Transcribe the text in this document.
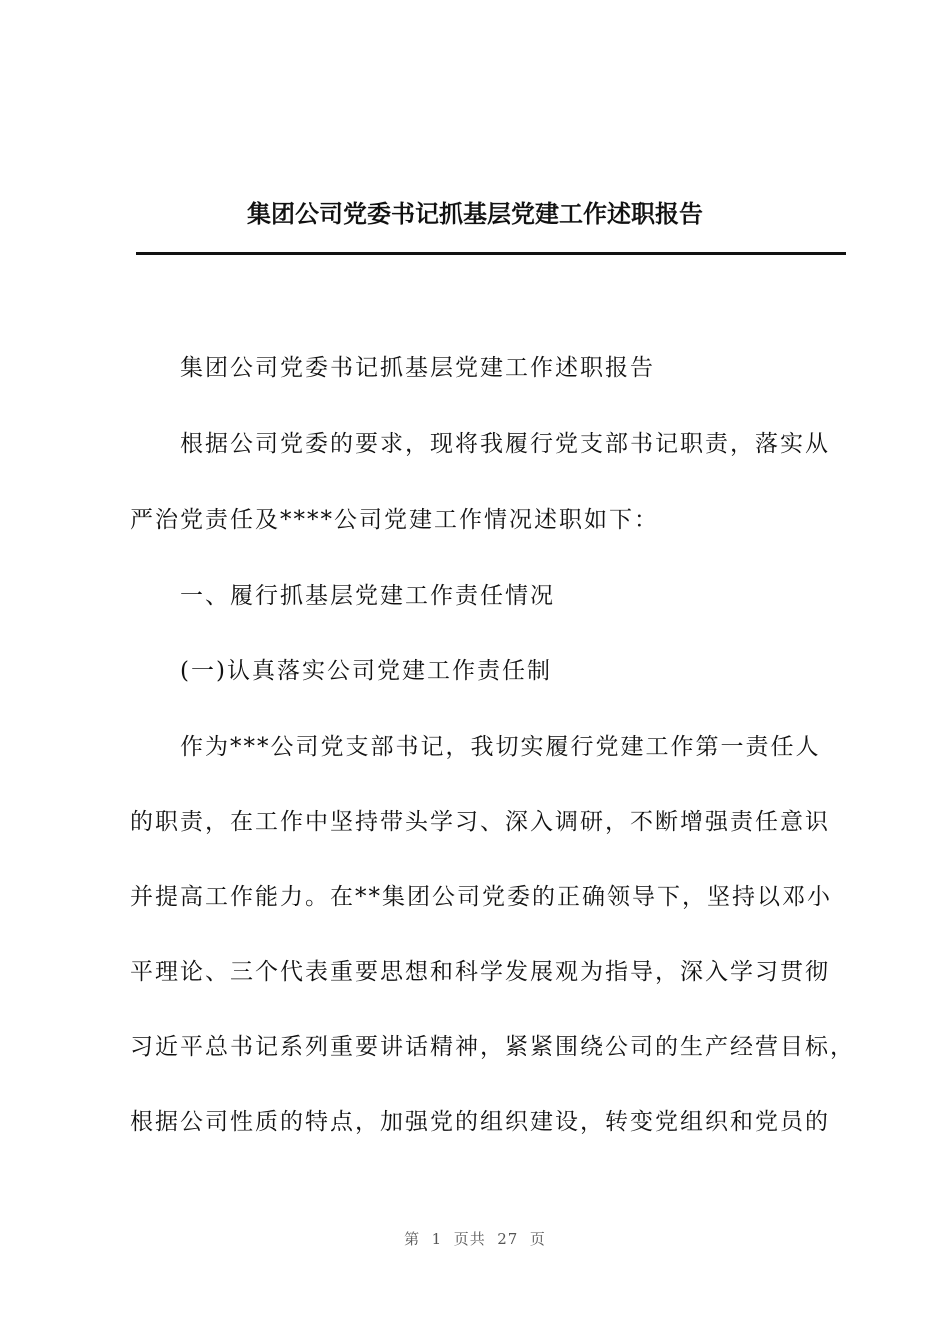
集团公司党委书记抓基层党建工作述职报告
集团公司党委书记抓基层党建工作述职报告
根据公司党委的要求，现将我履行党支部书记职责，落实从
严治党责任及****公司党建工作情况述职如下：
一、履行抓基层党建工作责任情况
(一)认真落实公司党建工作责任制
作为***公司党支部书记，我切实履行党建工作第一责任人
的职责，在工作中坚持带头学习、深入调研，不断增强责任意识
并提高工作能力。在**集团公司党委的正确领导下，坚持以邓小
平理论、三个代表重要思想和科学发展观为指导，深入学习贯彻
习近平总书记系列重要讲话精神，紧紧围绕公司的生产经营目标，
根据公司性质的特点，加强党的组织建设，转变党组织和党员的
第  1  页共  27  页
